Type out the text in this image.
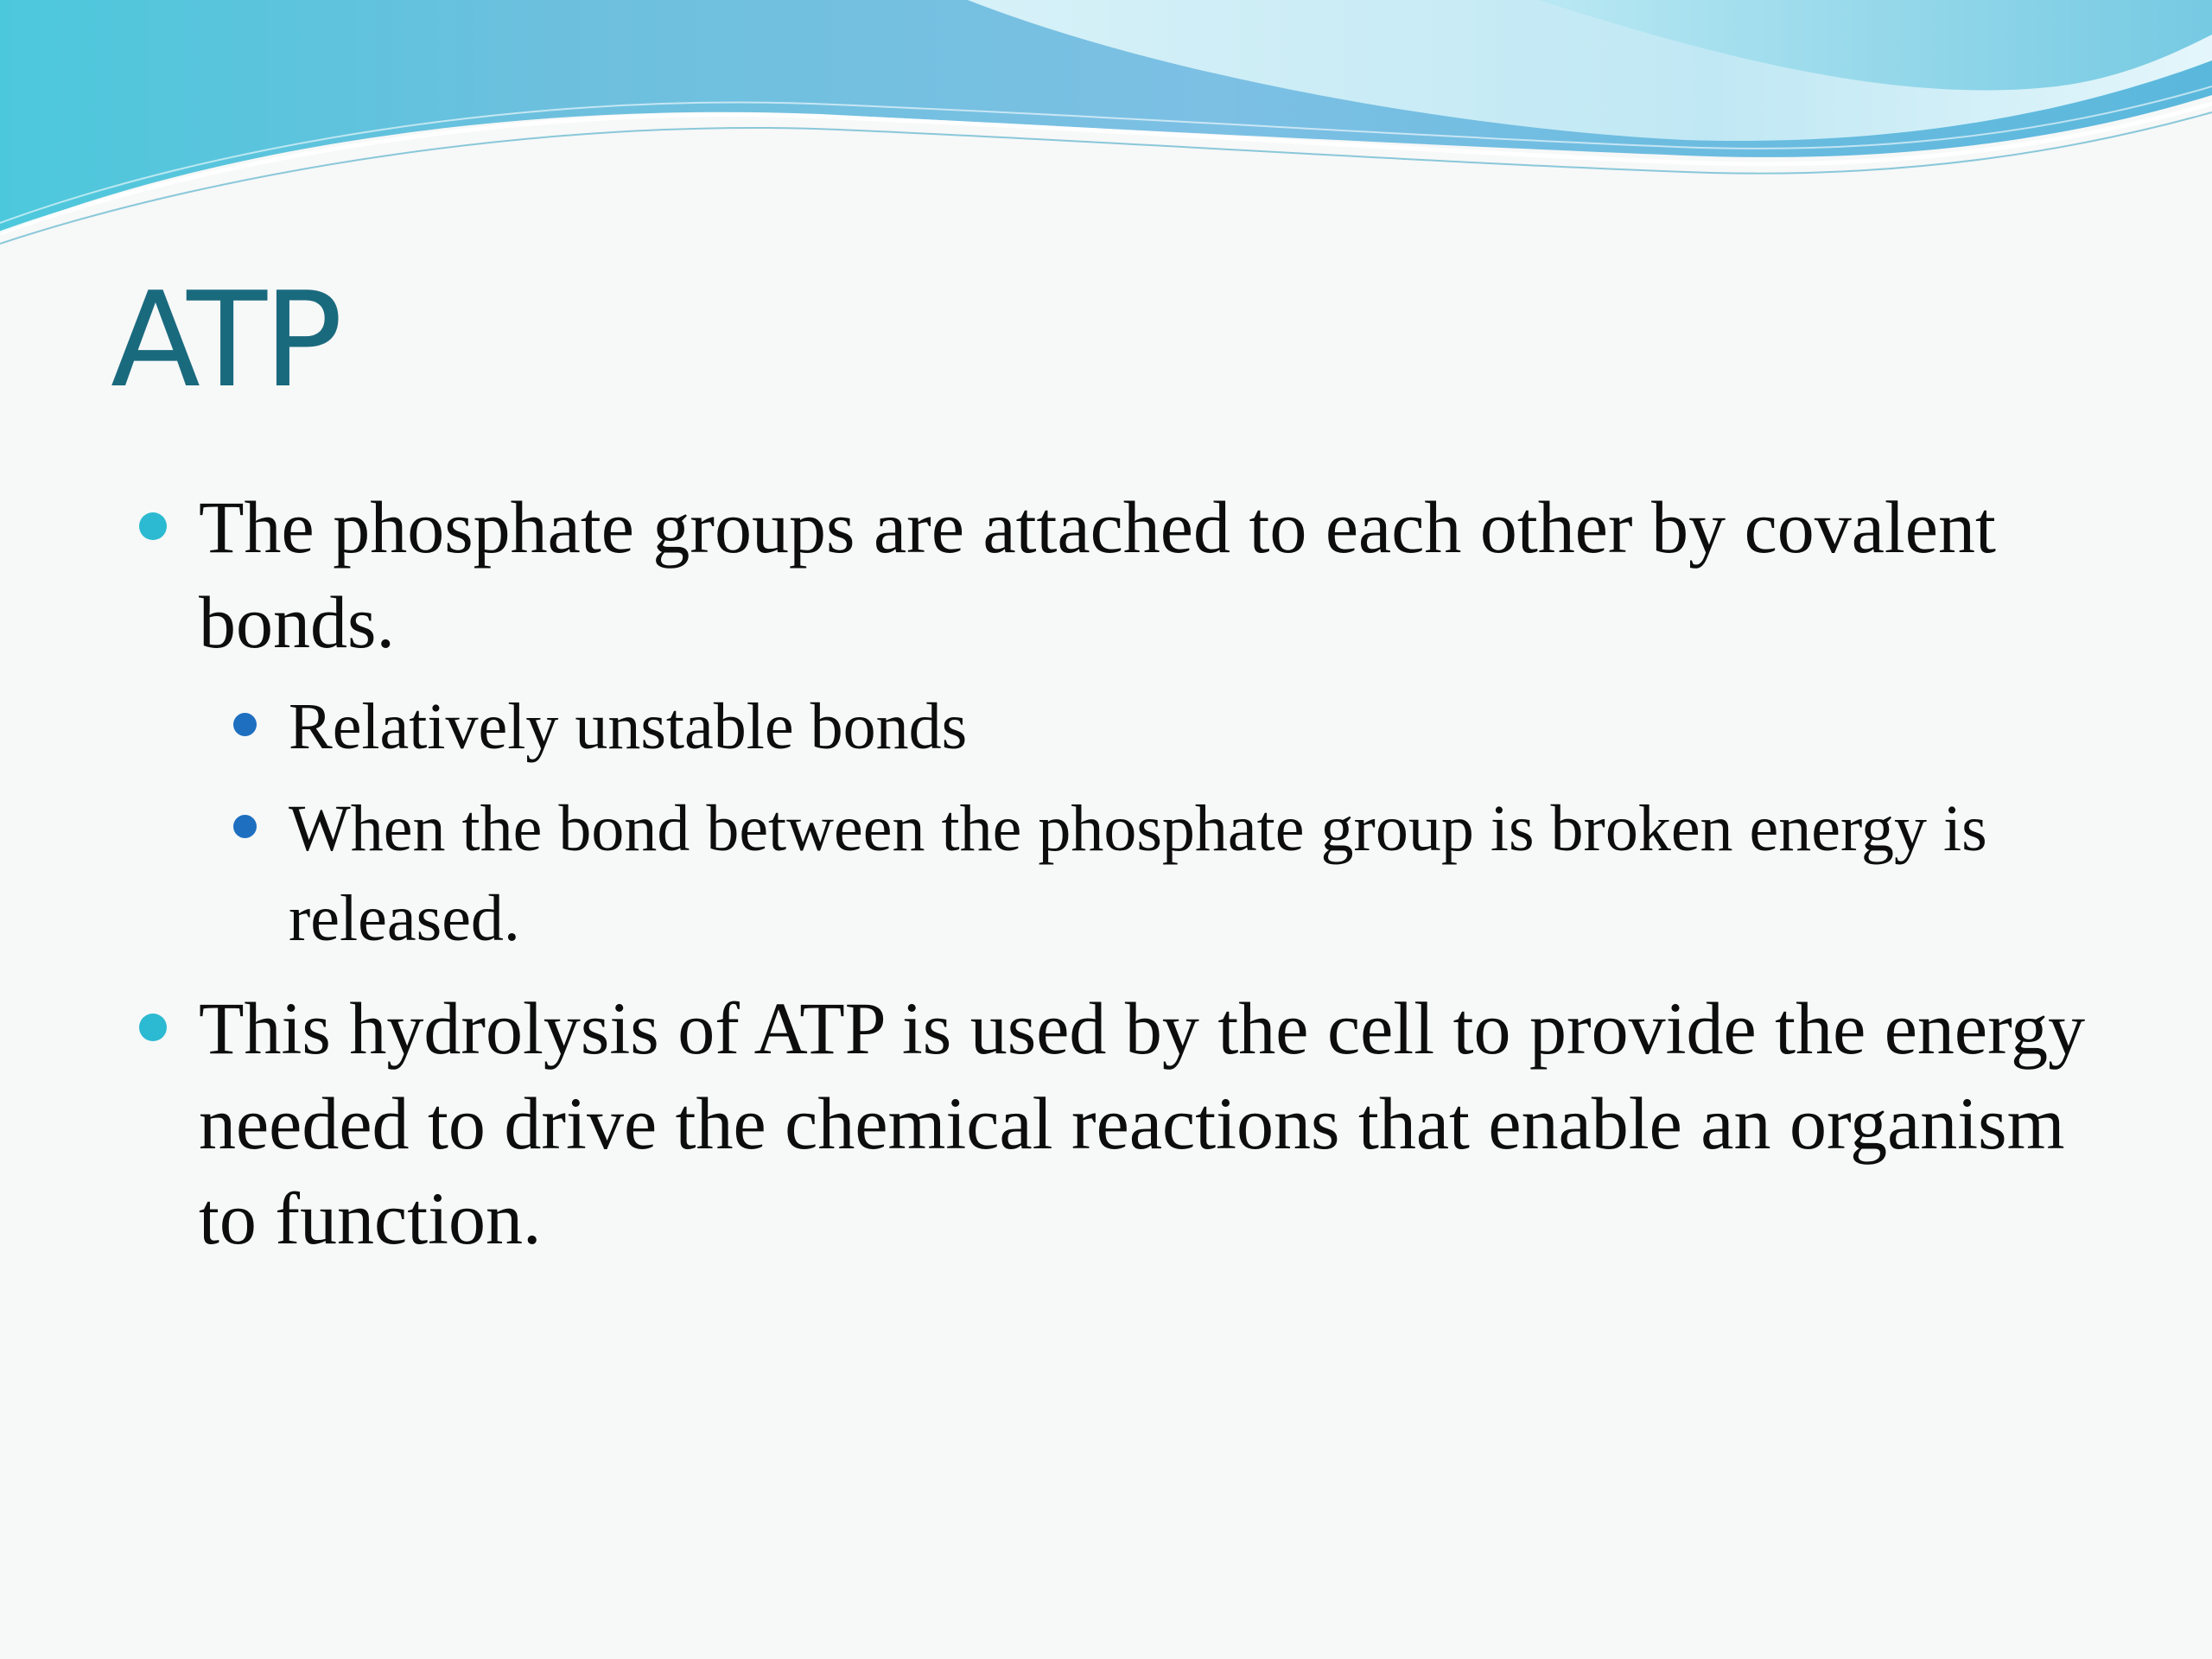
ATP

The phosphate groups are attached to each other by covalent bonds.

Relatively unstable bonds

When the bond between the phosphate group is broken energy is released.

This hydrolysis of ATP is used by the cell to provide the energy needed to drive the chemical reactions that enable an organism to function.
